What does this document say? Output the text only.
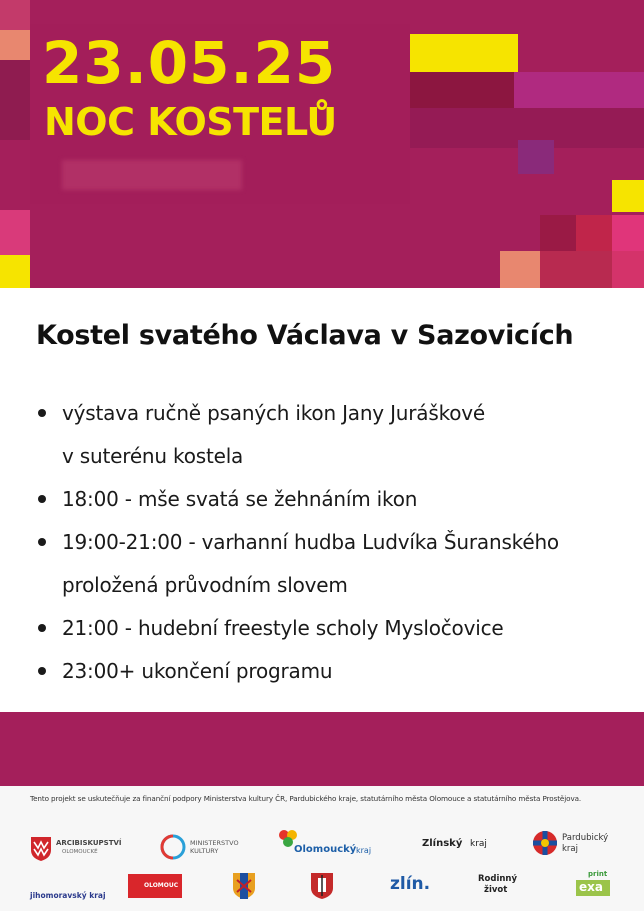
23.05.25
NOC KOSTELŮ
Kostel svatého Václava v Sazovicích
výstava ručně psaných ikon Jany Juráškové
v suterénu kostela
18:00 - mše svatá se žehnáním ikon
19:00-21:00 - varhanní hudba Ludvíka Šuranského
proložená průvodním slovem
21:00 - hudební freestyle scholy Mysločovice
23:00+ ukončení programu
Tento projekt se uskutečňuje za finanční podpory Ministerstva kultury ČR, Pardubického kraje, statutárního města Olomouce a statutárního města Prostějova.
ARCIBISKUPSTVÍ
OLOMOUCKÉ
MINISTERSTVO
KULTURY	Olomoucký kraj
Zlínský kraj
Pardubický
kraj
jihomoravský kraj
OLOMOUC	zlín.	Rodinný
život
print
exa
